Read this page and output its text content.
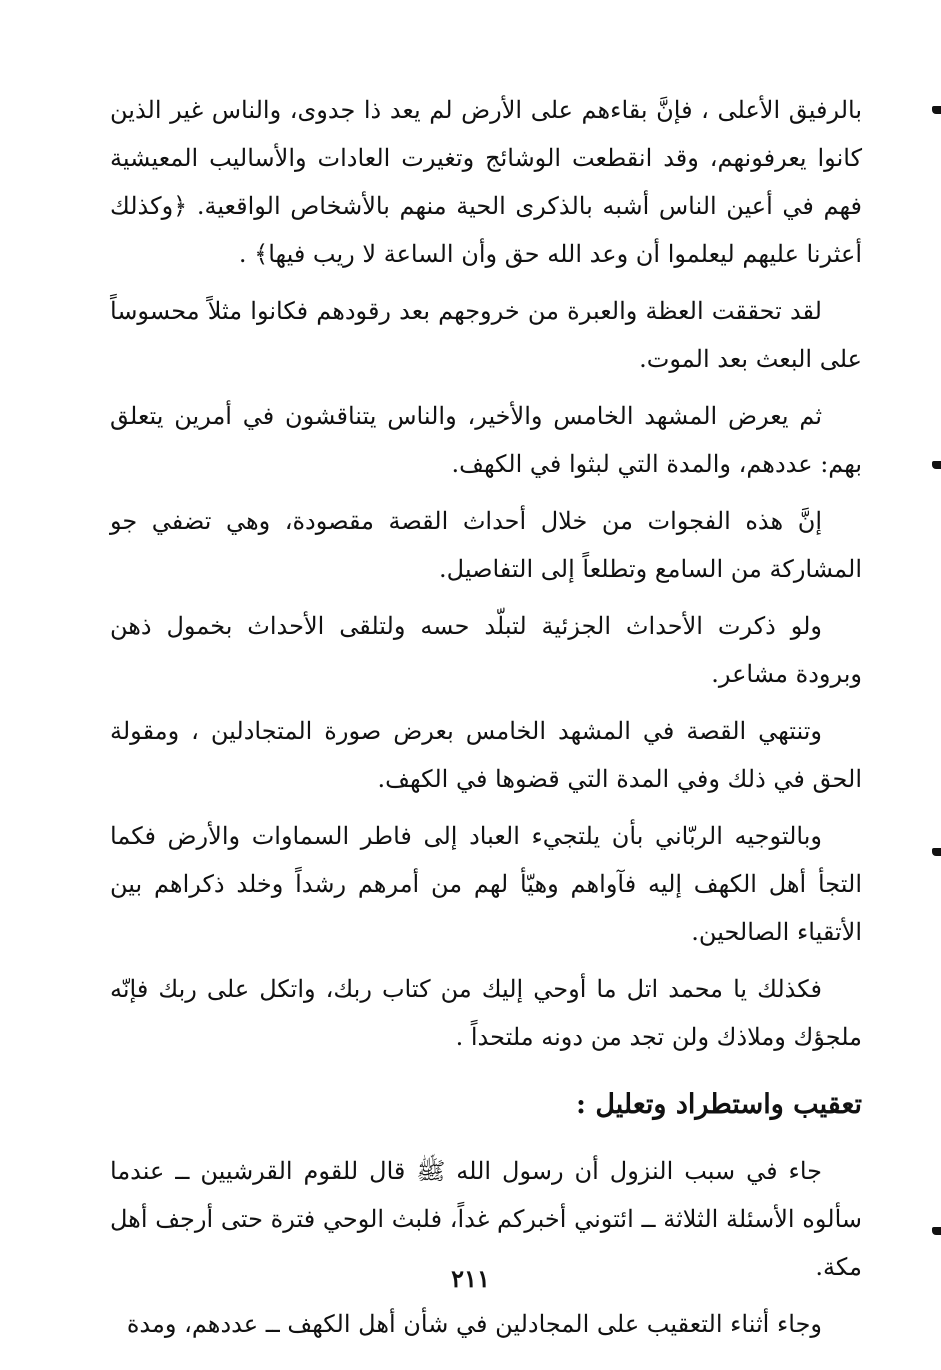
بالرفيق الأعلى ، فإنَّ بقاءهم على الأرض لم يعد ذا جدوى، والناس غير الذين كانوا يعرفونهم، وقد انقطعت الوشائج وتغيرت العادات والأساليب المعيشية فهم في أعين الناس أشبه بالذكرى الحية منهم بالأشخاص الواقعية. ﴿وكذلك أعثرنا عليهم ليعلموا أن وعد الله حق وأن الساعة لا ريب فيها﴾ .

لقد تحققت العظة والعبرة من خروجهم بعد رقودهم فكانوا مثلاً محسوساً على البعث بعد الموت.

ثم يعرض المشهد الخامس والأخير، والناس يتناقشون في أمرين يتعلق بهم: عددهم، والمدة التي لبثوا في الكهف.

إنَّ هذه الفجوات من خلال أحداث القصة مقصودة، وهي تضفي جو المشاركة من السامع وتطلعاً إلى التفاصيل.

ولو ذكرت الأحداث الجزئية لتبلّد حسه ولتلقى الأحداث بخمول ذهن وبرودة مشاعر.

وتنتهي القصة في المشهد الخامس بعرض صورة المتجادلين ، ومقولة الحق في ذلك وفي المدة التي قضوها في الكهف.

وبالتوجيه الربّاني بأن يلتجيء العباد إلى فاطر السماوات والأرض فكما التجأ أهل الكهف إليه فآواهم وهيّأ لهم من أمرهم رشداً وخلد ذكراهم بين الأتقياء الصالحين.

فكذلك يا محمد اتل ما أوحي إليك من كتاب ربك، واتكل على ربك فإنّه ملجؤك وملاذك ولن تجد من دونه ملتحداً .

تعقيب واستطراد وتعليل :

جاء في سبب النزول أن رسول الله ﷺ قال للقوم القرشيين ــ عندما سألوه الأسئلة الثلاثة ــ ائتوني أخبركم غداً، فلبث الوحي فترة حتى أرجف أهل مكة.

وجاء أثناء التعقيب على المجادلين في شأن أهل الكهف ــ عددهم، ومدة

٢١١
